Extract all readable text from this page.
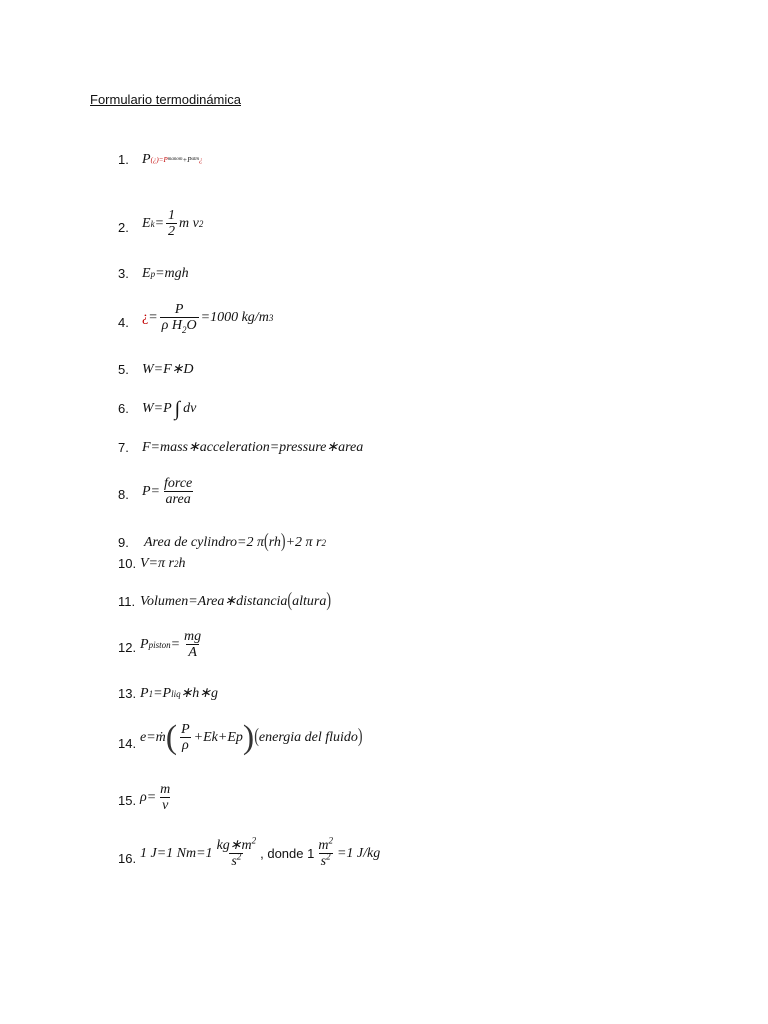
Formulario termodinámica
1. P (¿)=P manom +P atm ¿
2. E $k = \frac{1}{2}$ m v 2
3. E p =mgh
4. ¿ = $\frac{P}{\rho H_2O} =1000$ kg/m 3
5. W=F∗D
6. W=P ∫ dv
7. F=mass∗acceleration=pressure∗area
8. $P= \frac{\text{force}}{\text{area}}$
9. Area de cylindro=2 π ( rh ) +2 π r 2
10. V=π r 2 h
11. Volumen=Area∗distancia ( altura )
12. P piston = $\frac{mg}{A}$
13. P 1 =P liq ∗h∗g
14. e=ṁ ( $\frac{P}{\rho} +Ek+Ep$ ) ( energia del fluido )
15. $\rho= \frac{m}{v}$
16. 1 J=1 $Nm=1 \frac{kg∗m^2}{s^2}$ , donde $1 \frac{m^2}{s^2} =1$ J/kg
